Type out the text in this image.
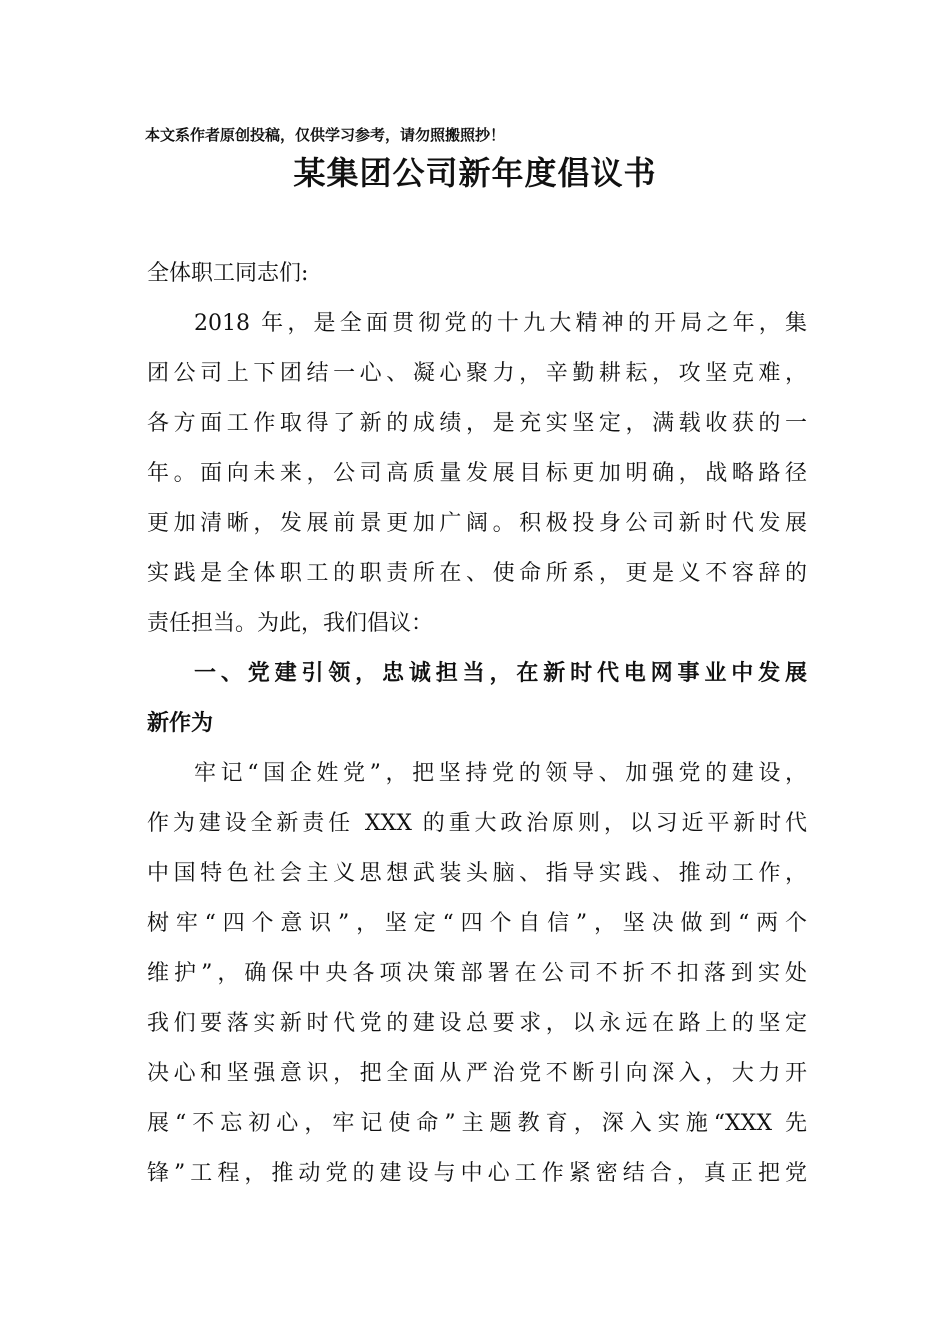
本文系作者原创投稿，仅供学习参考，请勿照搬照抄！
某集团公司新年度倡议书
全体职工同志们:
2018 年，是全面贯彻党的十九大精神的开局之年，集
团公司上下团结一心、凝心聚力，辛勤耕耘，攻坚克难，
各方面工作取得了新的成绩，是充实坚定，满载收获的一
年。面向未来，公司高质量发展目标更加明确，战略路径
更加清晰，发展前景更加广阔。积极投身公司新时代发展
实践是全体职工的职责所在、使命所系，更是义不容辞的
责任担当。为此，我们倡议：
一、党建引领，忠诚担当，在新时代电网事业中发展
新作为
牢记“国企姓党”，把坚持党的领导、加强党的建设，
作为建设全新责任 XXX 的重大政治原则，以习近平新时代
中国特色社会主义思想武装头脑、指导实践、推动工作，
树牢“四个意识”，坚定“四个自信”，坚决做到“两个
维护”，确保中央各项决策部署在公司不折不扣落到实处
我们要落实新时代党的建设总要求，以永远在路上的坚定
决心和坚强意识，把全面从严治党不断引向深入，大力开
展“不忘初心，牢记使命”主题教育，深入实施“XXX 先
锋”工程，推动党的建设与中心工作紧密结合，真正把党
